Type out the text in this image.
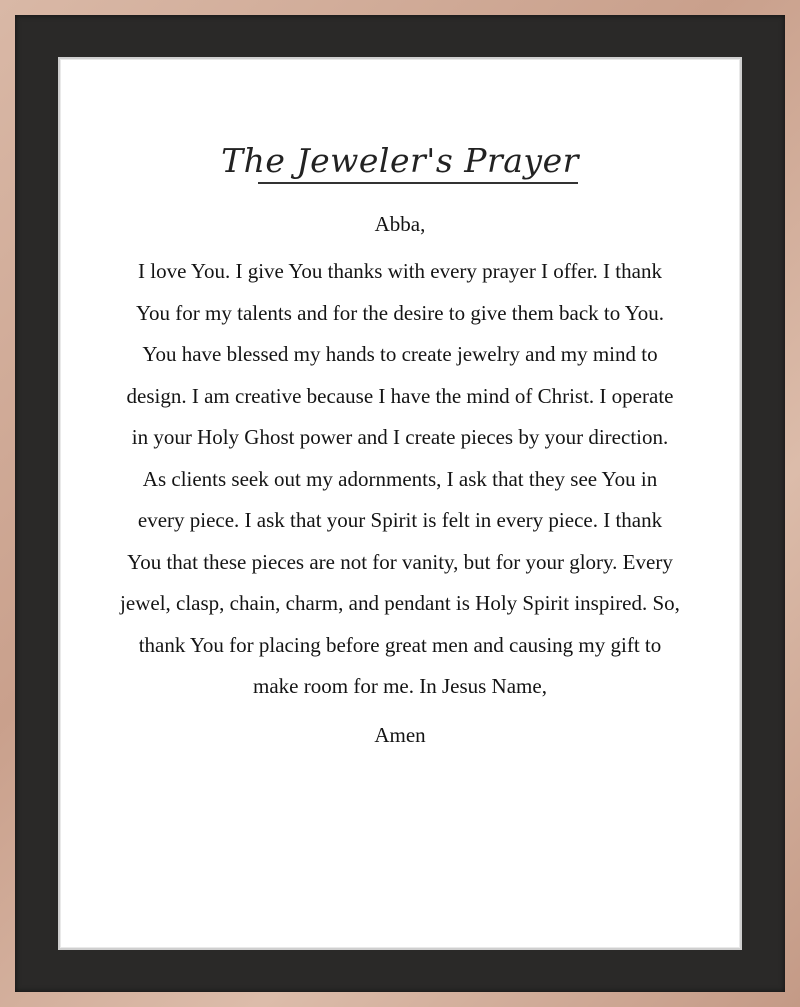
The Jeweler's Prayer
Abba,

I love You. I give You thanks with every prayer I offer. I thank You for my talents and for the desire to give them back to You. You have blessed my hands to create jewelry and my mind to design. I am creative because I have the mind of Christ. I operate in your Holy Ghost power and I create pieces by your direction. As clients seek out my adornments, I ask that they see You in every piece. I ask that your Spirit is felt in every piece. I thank You that these pieces are not for vanity, but for your glory. Every jewel, clasp, chain, charm, and pendant is Holy Spirit inspired. So, thank You for placing before great men and causing my gift to make room for me. In Jesus Name,

Amen
